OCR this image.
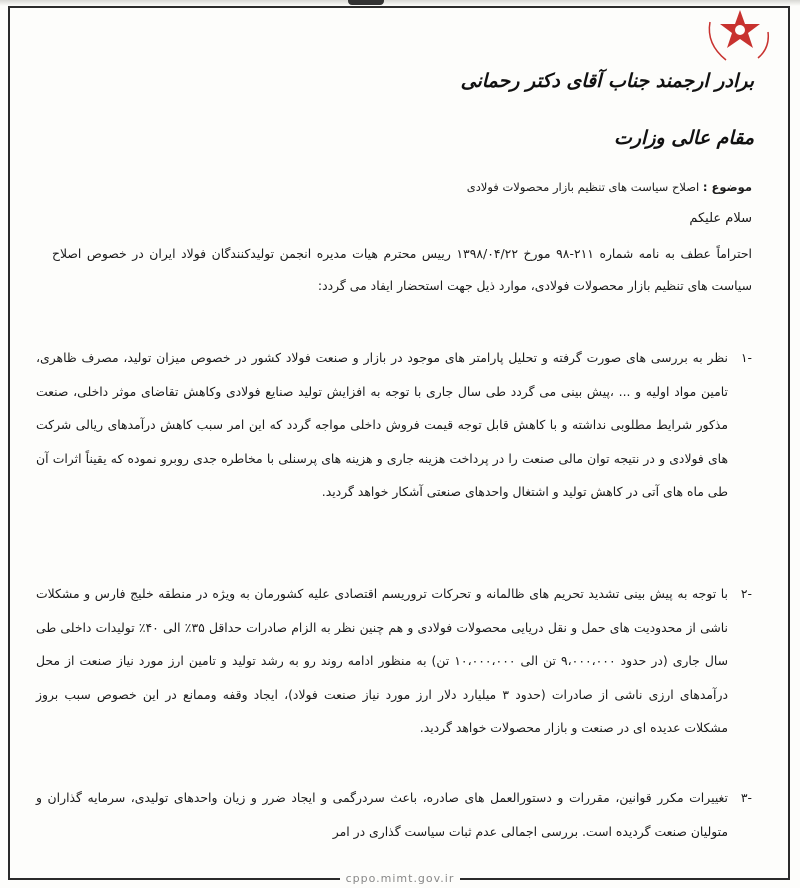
برادر ارجمند جناب آقای دکتر رحمانی
مقام عالی وزارت
موضوع : اصلاح سیاست های تنظیم بازار محصولات فولادی
سلام علیکم
احتراماً عطف به نامه شماره ۲۱۱-۹۸ مورخ ۱۳۹۸/۰۴/۲۲ رییس محترم هیات مدیره انجمن تولیدکنندگان فولاد ایران در خصوص اصلاح سیاست های تنظیم بازار محصولات فولادی، موارد ذیل جهت استحضار ایفاد می گردد:
-۱
نظر به بررسی های صورت گرفته و تحلیل پارامتر های موجود در بازار و صنعت فولاد کشور در خصوص میزان تولید، مصرف ظاهری، تامین مواد اولیه و ... ،پیش بینی می گردد طی سال جاری با توجه به افزایش تولید صنایع فولادی وکاهش تقاضای موثر داخلی، صنعت مذکور شرایط مطلوبی نداشته و با کاهش قابل توجه قیمت فروش داخلی مواجه گردد که این امر سبب کاهش درآمدهای ریالی شرکت های فولادی و در نتیجه توان مالی صنعت را در پرداخت هزینه جاری و هزینه های پرسنلی با مخاطره جدی روبرو نموده که یقیناً اثرات آن طی ماه های آتی در کاهش تولید و اشتغال واحدهای صنعتی آشکار خواهد گردید.
-۲
با توجه به پیش بینی تشدید تحریم های ظالمانه و تحرکات تروریسم اقتصادی علیه کشورمان به ویژه در منطقه خلیج فارس و مشکلات ناشی از محدودیت های حمل و نقل دریایی محصولات فولادی و هم چنین نظر به الزام صادرات حداقل ۳۵٪ الی ۴۰٪ تولیدات داخلی طی سال جاری (در حدود ۹،۰۰۰،۰۰۰ تن الی ۱۰،۰۰۰،۰۰۰ تن) به منظور ادامه روند رو به رشد تولید و تامین ارز مورد نیاز صنعت از محل درآمدهای ارزی ناشی از صادرات (حدود ۳ میلیارد دلار ارز مورد نیاز صنعت فولاد)، ایجاد وقفه وممانع در این خصوص سبب بروز مشکلات عدیده ای در صنعت و بازار محصولات خواهد گردید.
-۳
تغییرات مکرر قوانین، مقررات و دستورالعمل های صادره، باعث سردرگمی و ایجاد ضرر و زیان واحدهای تولیدی، سرمایه گذاران و متولیان صنعت گردیده است. بررسی اجمالی عدم ثبات سیاست گذاری در امر
cppo.mimt.gov.ir
